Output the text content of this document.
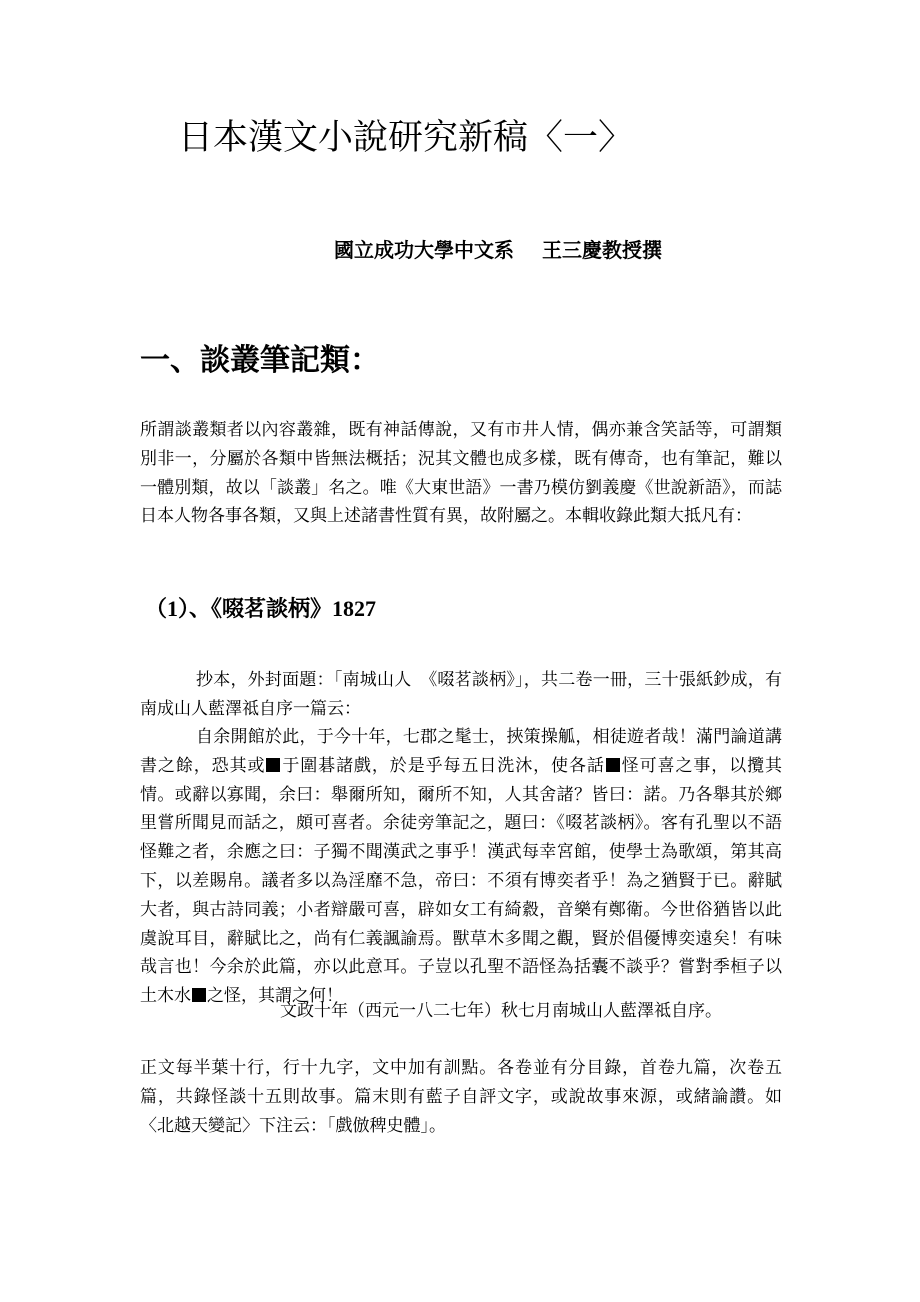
日本漢文小說研究新稿〈一〉
國立成功大學中文系 王三慶教授撰
一、談叢筆記類：
所謂談叢類者以內容叢雜，既有神話傳說，又有市井人情，偶亦兼含笑話等，可謂類別非一，分屬於各類中皆無法概括；況其文體也成多樣，既有傳奇，也有筆記，難以一體別類，故以「談叢」名之。唯《大東世語》一書乃模仿劉義慶《世說新語》，而誌日本人物各事各類，又與上述諸書性質有異，故附屬之。本輯收錄此類大抵凡有：
（1）、《啜茗談柄》1827
抄本，外封面題：「南城山人　《啜茗談柄》」，共二卷一冊，三十張紙鈔成，有南成山人藍澤祗自序一篇云：
自余開館於此，于今十年，七郡之髦士，挾策操觚，相徒遊者哉！滿門論道講書之餘，恐其或 于圍碁諸戲，於是乎每五日洗沐，使各話 怪可喜之事，以攬其情。或辭以寡聞，余曰：舉爾所知，爾所不知，人其舍諸？皆曰：諾。乃各舉其於鄉里嘗所聞見而話之，頗可喜者。余徒旁筆記之，題曰：《啜茗談柄》。客有孔聖以不語怪難之者，余應之曰：子獨不聞漢武之事乎！漢武每幸宮館，使學士為歌頌，第其高下，以差賜帛。議者多以為淫靡不急，帝曰：不須有博奕者乎！為之猶賢于已。辭賦大者，與古詩同義；小者辯嚴可喜，辟如女工有綺縠，音樂有鄭衛。今世俗猶皆以此虞說耳目，辭賦比之，尚有仁義諷諭焉。獸草木多聞之觀，賢於倡優博奕遠矣！有味哉言也！今余於此篇，亦以此意耳。子豈以孔聖不語怪為括囊不談乎？嘗對季桓子以土木水 之怪，其謂之何！
文政十年（西元一八二七年）秋七月南城山人藍澤祗自序。
正文每半葉十行，行十九字，文中加有訓點。各卷並有分目錄，首卷九篇，次卷五篇，共錄怪談十五則故事。篇末則有藍子自評文字，或說故事來源，或緒論讚。如〈北越天變記〉下注云：「戲倣稗史體」。
